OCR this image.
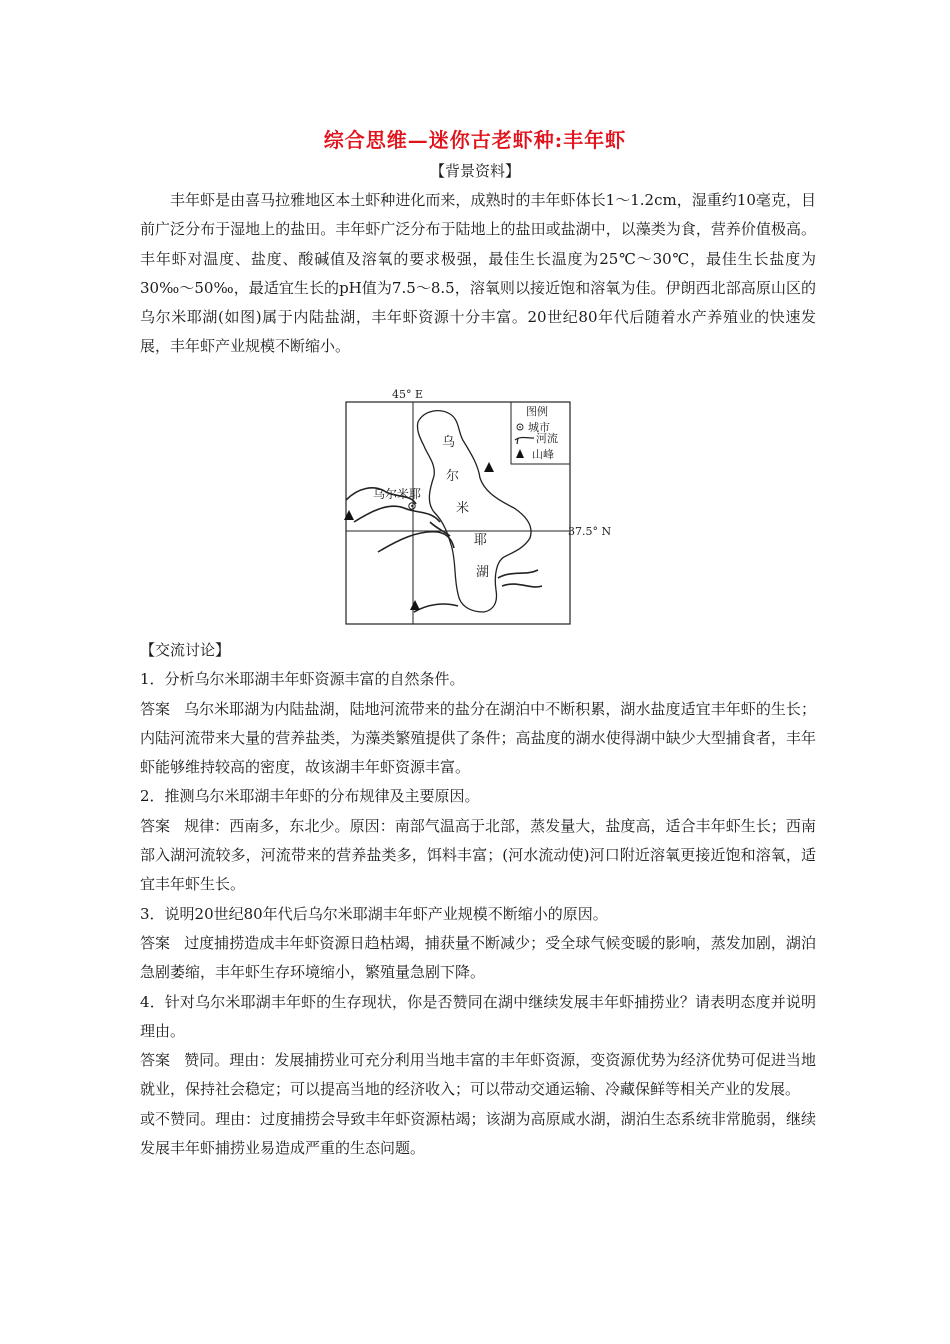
综合思维—迷你古老虾种:丰年虾
【背景资料】

丰年虾是由喜马拉雅地区本土虾种进化而来，成熟时的丰年虾体长1～1.2cm，湿重约10毫克，目前广泛分布于湿地上的盐田。丰年虾广泛分布于陆地上的盐田或盐湖中，以藻类为食，营养价值极高。丰年虾对温度、盐度、酸碱值及溶氧的要求极强，最佳生长温度为25℃～30℃，最佳生长盐度为30‰～50‰，最适宜生长的pH值为7.5～8.5，溶氧则以接近饱和溶氧为佳。伊朗西北部高原山区的乌尔米耶湖(如图)属于内陆盐湖，丰年虾资源十分丰富。20世纪80年代后随着水产养殖业的快速发展，丰年虾产业规模不断缩小。

45° E
37.5° N
乌
尔
米
耶
湖
乌尔米耶
图例
城市
河流
山峰

【交流讨论】

1．分析乌尔米耶湖丰年虾资源丰富的自然条件。

答案 乌尔米耶湖为内陆盐湖，陆地河流带来的盐分在湖泊中不断积累，湖水盐度适宜丰年虾的生长；内陆河流带来大量的营养盐类，为藻类繁殖提供了条件；高盐度的湖水使得湖中缺少大型捕食者，丰年虾能够维持较高的密度，故该湖丰年虾资源丰富。

2．推测乌尔米耶湖丰年虾的分布规律及主要原因。

答案 规律：西南多，东北少。原因：南部气温高于北部，蒸发量大，盐度高，适合丰年虾生长；西南部入湖河流较多，河流带来的营养盐类多，饵料丰富；(河水流动使)河口附近溶氧更接近饱和溶氧，适宜丰年虾生长。

3．说明20世纪80年代后乌尔米耶湖丰年虾产业规模不断缩小的原因。

答案 过度捕捞造成丰年虾资源日趋枯竭，捕获量不断减少；受全球气候变暖的影响，蒸发加剧，湖泊急剧萎缩，丰年虾生存环境缩小，繁殖量急剧下降。

4．针对乌尔米耶湖丰年虾的生存现状，你是否赞同在湖中继续发展丰年虾捕捞业？请表明态度并说明理由。

答案 赞同。理由：发展捕捞业可充分利用当地丰富的丰年虾资源，变资源优势为经济优势可促进当地就业，保持社会稳定；可以提高当地的经济收入；可以带动交通运输、冷藏保鲜等相关产业的发展。

或不赞同。理由：过度捕捞会导致丰年虾资源枯竭；该湖为高原咸水湖，湖泊生态系统非常脆弱，继续发展丰年虾捕捞业易造成严重的生态问题。
